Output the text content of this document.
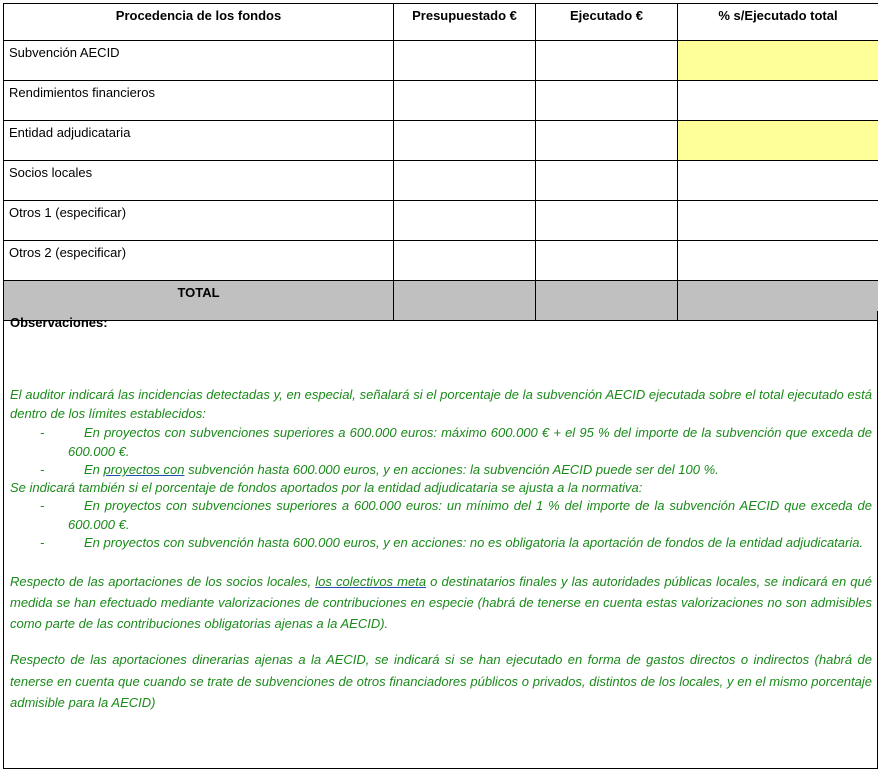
Procedencia de los fondos	Presupuestado €	Ejecutado €	% s/Ejecutado total
Subvención AECID			
Rendimientos financieros			
Entidad adjudicataria			
Socios locales			
Otros 1 (especificar)			
Otros 2 (especificar)			
TOTAL			
Observaciones:
El auditor indicará las incidencias detectadas y, en especial, señalará si el porcentaje de la subvención AECID ejecutada sobre el total ejecutado está dentro de los límites establecidos:
-	En proyectos con subvenciones superiores a 600.000 euros: máximo 600.000 € + el 95 % del importe de la subvención que exceda de 600.000 €.
-	En proyectos con subvención hasta 600.000 euros, y en acciones: la subvención AECID puede ser del 100 %.
Se indicará también si el porcentaje de fondos aportados por la entidad adjudicataria se ajusta a la normativa:
-	En proyectos con subvenciones superiores a 600.000 euros: un mínimo del 1 % del importe de la subvención AECID que exceda de 600.000 €.
-	En proyectos con subvención hasta 600.000 euros, y en acciones: no es obligatoria la aportación de fondos de la entidad adjudicataria.
Respecto de las aportaciones de los socios locales, los colectivos meta o destinatarios finales y las autoridades públicas locales, se indicará en qué medida se han efectuado mediante valorizaciones de contribuciones en especie (habrá de tenerse en cuenta estas valorizaciones no son admisibles como parte de las contribuciones obligatorias ajenas a la AECID).
Respecto de las aportaciones dinerarias ajenas a la AECID, se indicará si se han ejecutado en forma de gastos directos o indirectos (habrá de tenerse en cuenta que cuando se trate de subvenciones de otros financiadores públicos o privados, distintos de los locales, y en el mismo porcentaje admisible para la AECID)
